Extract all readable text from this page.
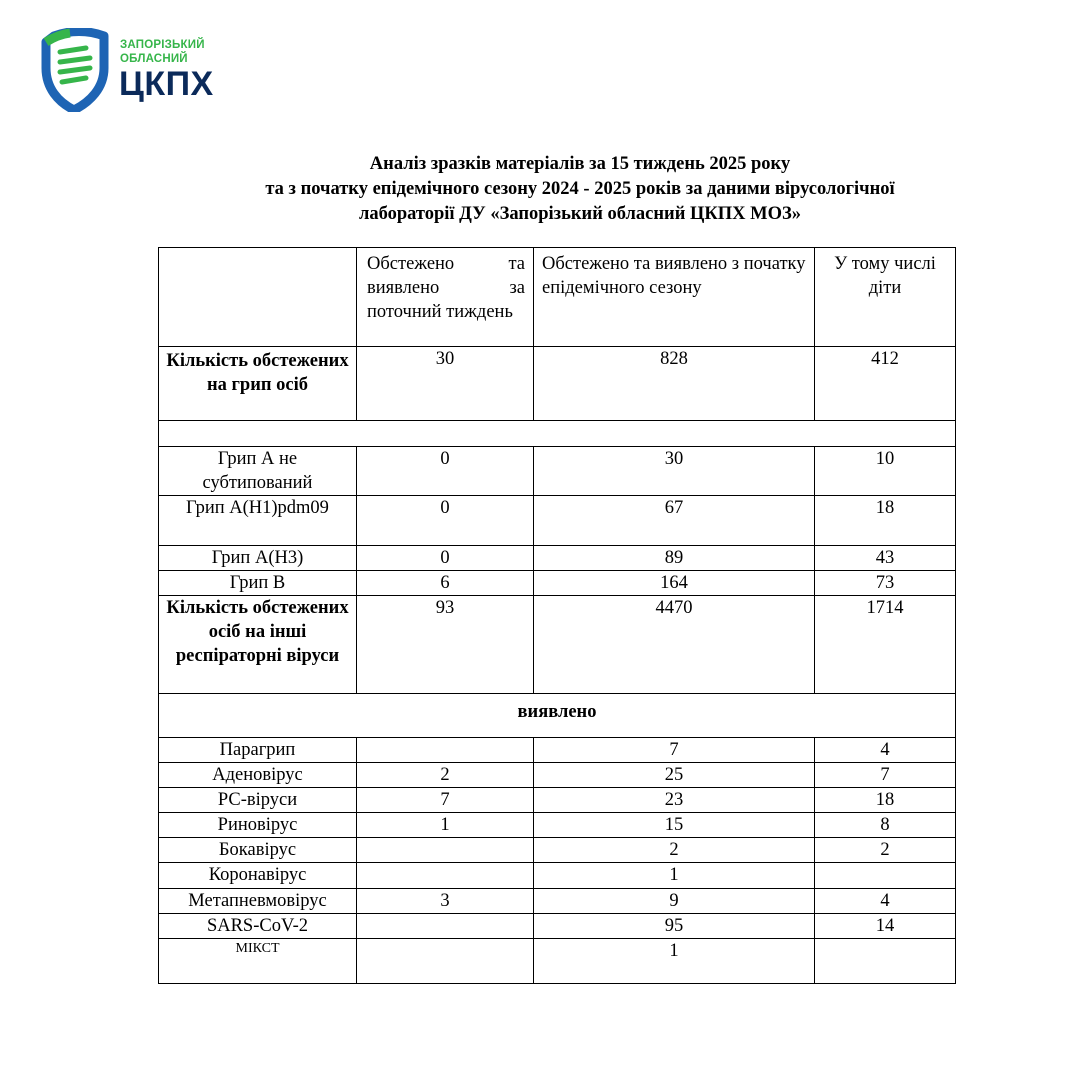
ЗАПОРІЗЬКИЙ
ОБЛАСНИЙ
ЦКПХ
Аналіз зразків матеріалів за 15 тиждень 2025 року
та з початку епідемічного сезону 2024 - 2025 років за даними вірусологічної
лабораторії ДУ «Запорізький обласний ЦКПХ МОЗ»
	Обстежено та виявлено за поточний тиждень	Обстежено та виявлено з початку епідемічного сезону	У тому числі діти
Кількість обстежених на грип осіб	30	828	412

Грип А не субтипований	0	30	10
Грип A(H1)pdm09	0	67	18
Грип A(H3)	0	89	43
Грип В	6	164	73
Кількість обстежених осіб на інші респіраторні віруси	93	4470	1714
виявлено			
Парагрип		7	4
Аденовірус	2	25	7
РС-віруси	7	23	18
Риновірус	1	15	8
Бокавірус		2	2
Коронавірус		1	
Метапневмовірус	3	9	4
SARS-CoV-2		95	14
МІКСТ		1	
